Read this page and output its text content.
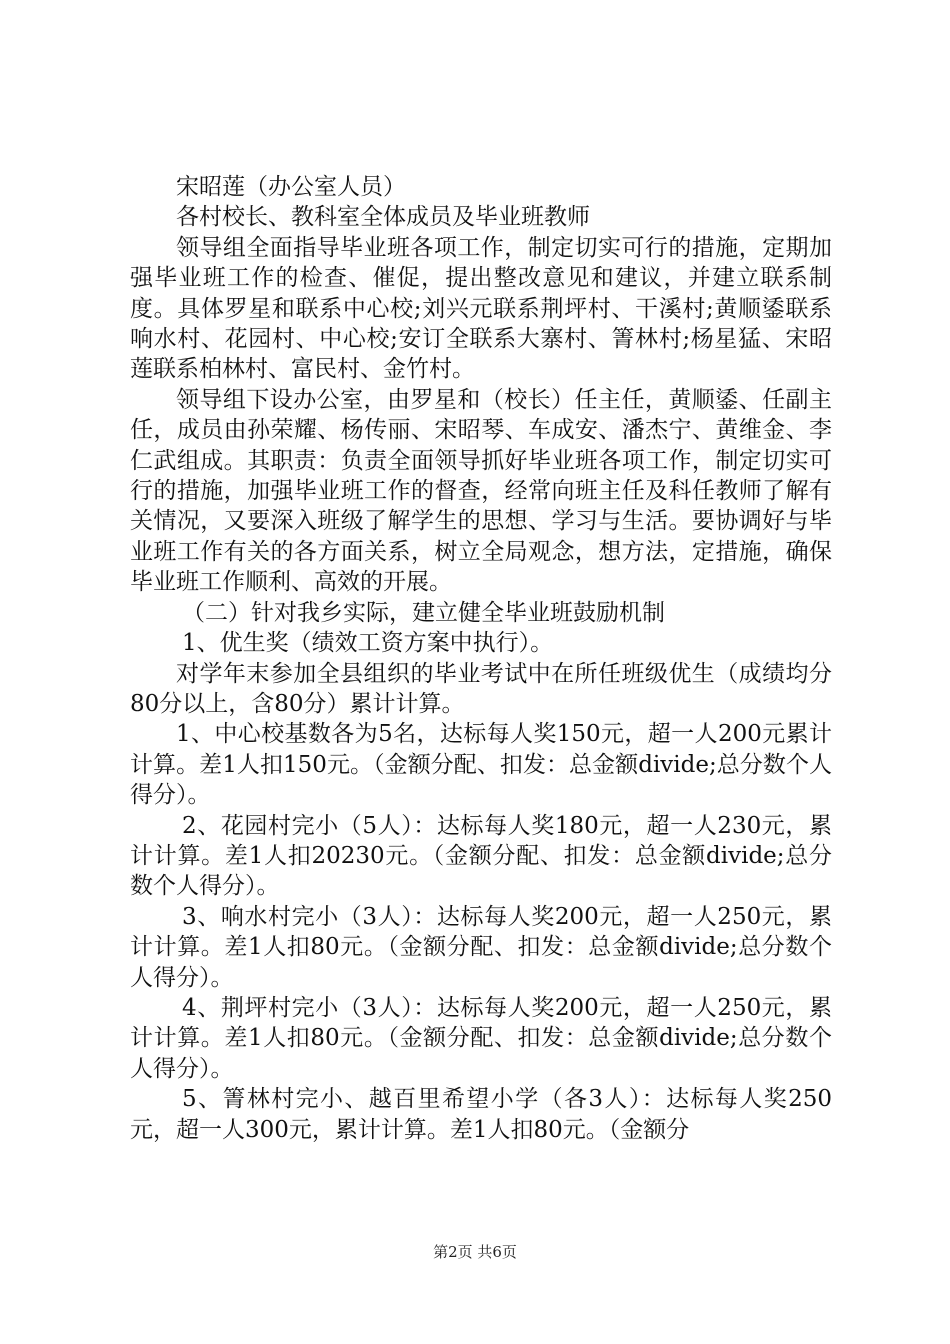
宋昭莲（办公室人员）

各村校长、教科室全体成员及毕业班教师

领导组全面指导毕业班各项工作，制定切实可行的措施，定期加强毕业班工作的检查、催促，提出整改意见和建议，并建立联系制度。具体罗星和联系中心校;刘兴元联系荆坪村、干溪村;黄顺鋈联系响水村、花园村、中心校;安订全联系大寨村、箐林村;杨星猛、宋昭莲联系柏林村、富民村、金竹村。

领导组下设办公室，由罗星和（校长）任主任，黄顺鋈、任副主任，成员由孙荣耀、杨传丽、宋昭琴、车成安、潘杰宁、黄维金、李仁武组成。其职责：负责全面领导抓好毕业班各项工作，制定切实可行的措施，加强毕业班工作的督查，经常向班主任及科任教师了解有关情况，又要深入班级了解学生的思想、学习与生活。要协调好与毕业班工作有关的各方面关系，树立全局观念，想方法，定措施，确保毕业班工作顺利、高效的开展。

（二）针对我乡实际，建立健全毕业班鼓励机制

1、优生奖（绩效工资方案中执行）。

对学年末参加全县组织的毕业考试中在所任班级优生（成绩均分80分以上，含80分）累计计算。

1、中心校基数各为5名，达标每人奖150元，超一人200元累计计算。差1人扣150元。（金额分配、扣发：总金额divide;总分数个人得分）。

2、花园村完小（5人）：达标每人奖180元，超一人230元，累计计算。差1人扣20230元。（金额分配、扣发：总金额divide;总分数个人得分）。

3、响水村完小（3人）：达标每人奖200元，超一人250元，累计计算。差1人扣80元。（金额分配、扣发：总金额divide;总分数个人得分）。

4、荆坪村完小（3人）：达标每人奖200元，超一人250元，累计计算。差1人扣80元。（金额分配、扣发：总金额divide;总分数个人得分）。

5、箐林村完小、越百里希望小学（各3人）：达标每人奖250元，超一人300元，累计计算。差1人扣80元。（金额分

第2页 共6页
